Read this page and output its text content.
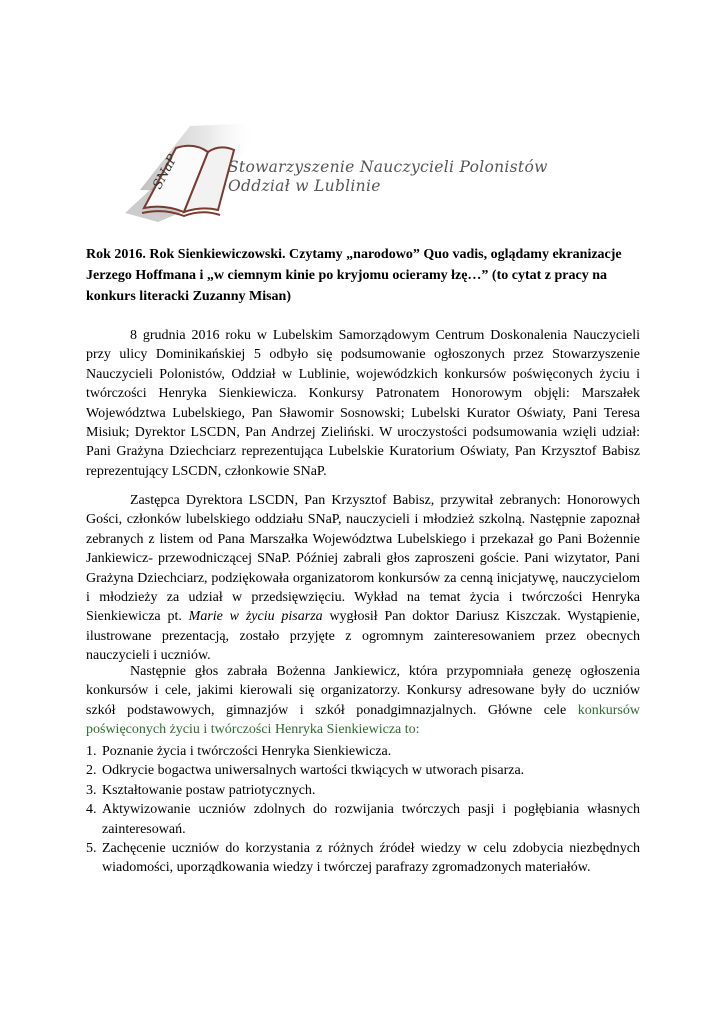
SNaP	Stowarzyszenie Nauczycieli Polonistów
Oddział w Lublinie
Rok 2016. Rok Sienkiewiczowski. Czytamy „narodowo” Quo vadis, oglądamy ekranizacje Jerzego Hoffmana i „w ciemnym kinie po kryjomu ocieramy łzę…” (to cytat z pracy na konkurs literacki Zuzanny Misan)
8 grudnia 2016 roku w Lubelskim Samorządowym Centrum Doskonalenia Nauczycieli przy ulicy Dominikańskiej 5 odbyło się podsumowanie ogłoszonych przez Stowarzyszenie Nauczycieli Polonistów, Oddział w Lublinie, wojewódzkich konkursów poświęconych życiu i twórczości Henryka Sienkiewicza. Konkursy Patronatem Honorowym objęli: Marszałek Województwa Lubelskiego, Pan Sławomir Sosnowski; Lubelski Kurator Oświaty, Pani Teresa Misiuk; Dyrektor LSCDN, Pan Andrzej Zieliński. W uroczystości podsumowania wzięli udział: Pani Grażyna Dziechciarz reprezentująca Lubelskie Kuratorium Oświaty, Pan Krzysztof Babisz reprezentujący LSCDN, członkowie SNaP.
Zastępca Dyrektora LSCDN, Pan Krzysztof Babisz, przywitał zebranych: Honorowych Gości, członków lubelskiego oddziału SNaP, nauczycieli i młodzież szkolną. Następnie zapoznał zebranych z listem od Pana Marszałka Województwa Lubelskiego i przekazał go Pani Bożennie Jankiewicz- przewodniczącej SNaP. Później zabrali głos zaproszeni goście. Pani wizytator, Pani Grażyna Dziechciarz, podziękowała organizatorom konkursów za cenną inicjatywę, nauczycielom i młodzieży za udział w przedsięwzięciu. Wykład na temat życia i twórczości Henryka Sienkiewicza pt. Marie w życiu pisarza wygłosił Pan doktor Dariusz Kiszczak. Wystąpienie, ilustrowane prezentacją, zostało przyjęte z ogromnym zainteresowaniem przez obecnych nauczycieli i uczniów.
Następnie głos zabrała Bożenna Jankiewicz, która przypomniała genezę ogłoszenia konkursów i cele, jakimi kierowali się organizatorzy. Konkursy adresowane były do uczniów szkół podstawowych, gimnazjów i szkół ponadgimnazjalnych. Główne cele konkursów poświęconych życiu i twórczości Henryka Sienkiewicza to:
1. Poznanie życia i twórczości Henryka Sienkiewicza.
2. Odkrycie bogactwa uniwersalnych wartości tkwiących w utworach pisarza.
3. Kształtowanie postaw patriotycznych.
4. Aktywizowanie uczniów zdolnych do rozwijania twórczych pasji i pogłębiania własnych zainteresowań.
5. Zachęcenie uczniów do korzystania z różnych źródeł wiedzy w celu zdobycia niezbędnych wiadomości, uporządkowania wiedzy i twórczej parafrazy zgromadzonych materiałów.
